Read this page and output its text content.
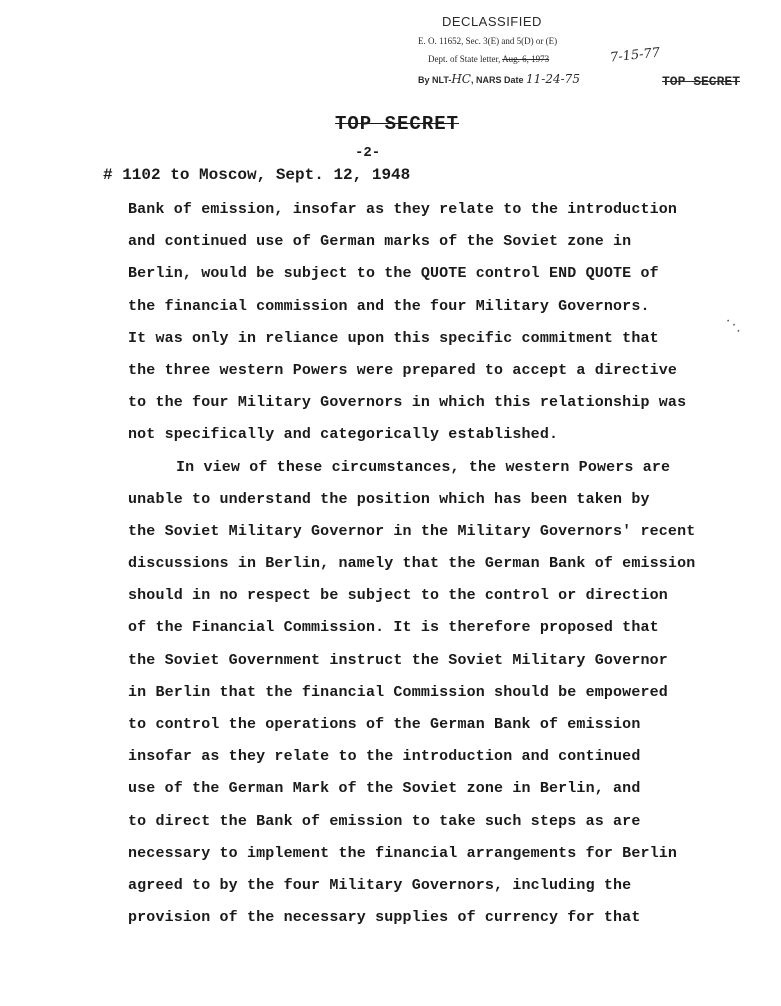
DECLASSIFIED
E. O. 11652, Sec. 3(E) and 5(D) or (E)
Dept. of State letter, Aug. 6, 1973	7-15-77
By NLT-HC, NARS Date 11-24-75	TOP SECRET
TOP SECRET
-2-
# 1102 to Moscow, Sept. 12, 1948
Bank of emission, insofar as they relate to the introduction
and continued use of German marks of the Soviet zone in
Berlin, would be subject to the QUOTE control END QUOTE of
the financial commission and the four Military Governors.
It was only in reliance upon this specific commitment that
the three western Powers were prepared to accept a directive
to the four Military Governors in which this relationship was
not specifically and categorically established.
In view of these circumstances, the western Powers are
unable to understand the position which has been taken by
the Soviet Military Governor in the Military Governors' recent
discussions in Berlin, namely that the German Bank of emission
should in no respect be subject to the control or direction
of the Financial Commission. It is therefore proposed that
the Soviet Government instruct the Soviet Military Governor
in Berlin that the financial Commission should be empowered
to control the operations of the German Bank of emission
insofar as they relate to the introduction and continued
use of the German Mark of the Soviet zone in Berlin, and
to direct the Bank of emission to take such steps as are
necessary to implement the financial arrangements for Berlin
agreed to by the four Military Governors, including the
provision of the necessary supplies of currency for that
··.
